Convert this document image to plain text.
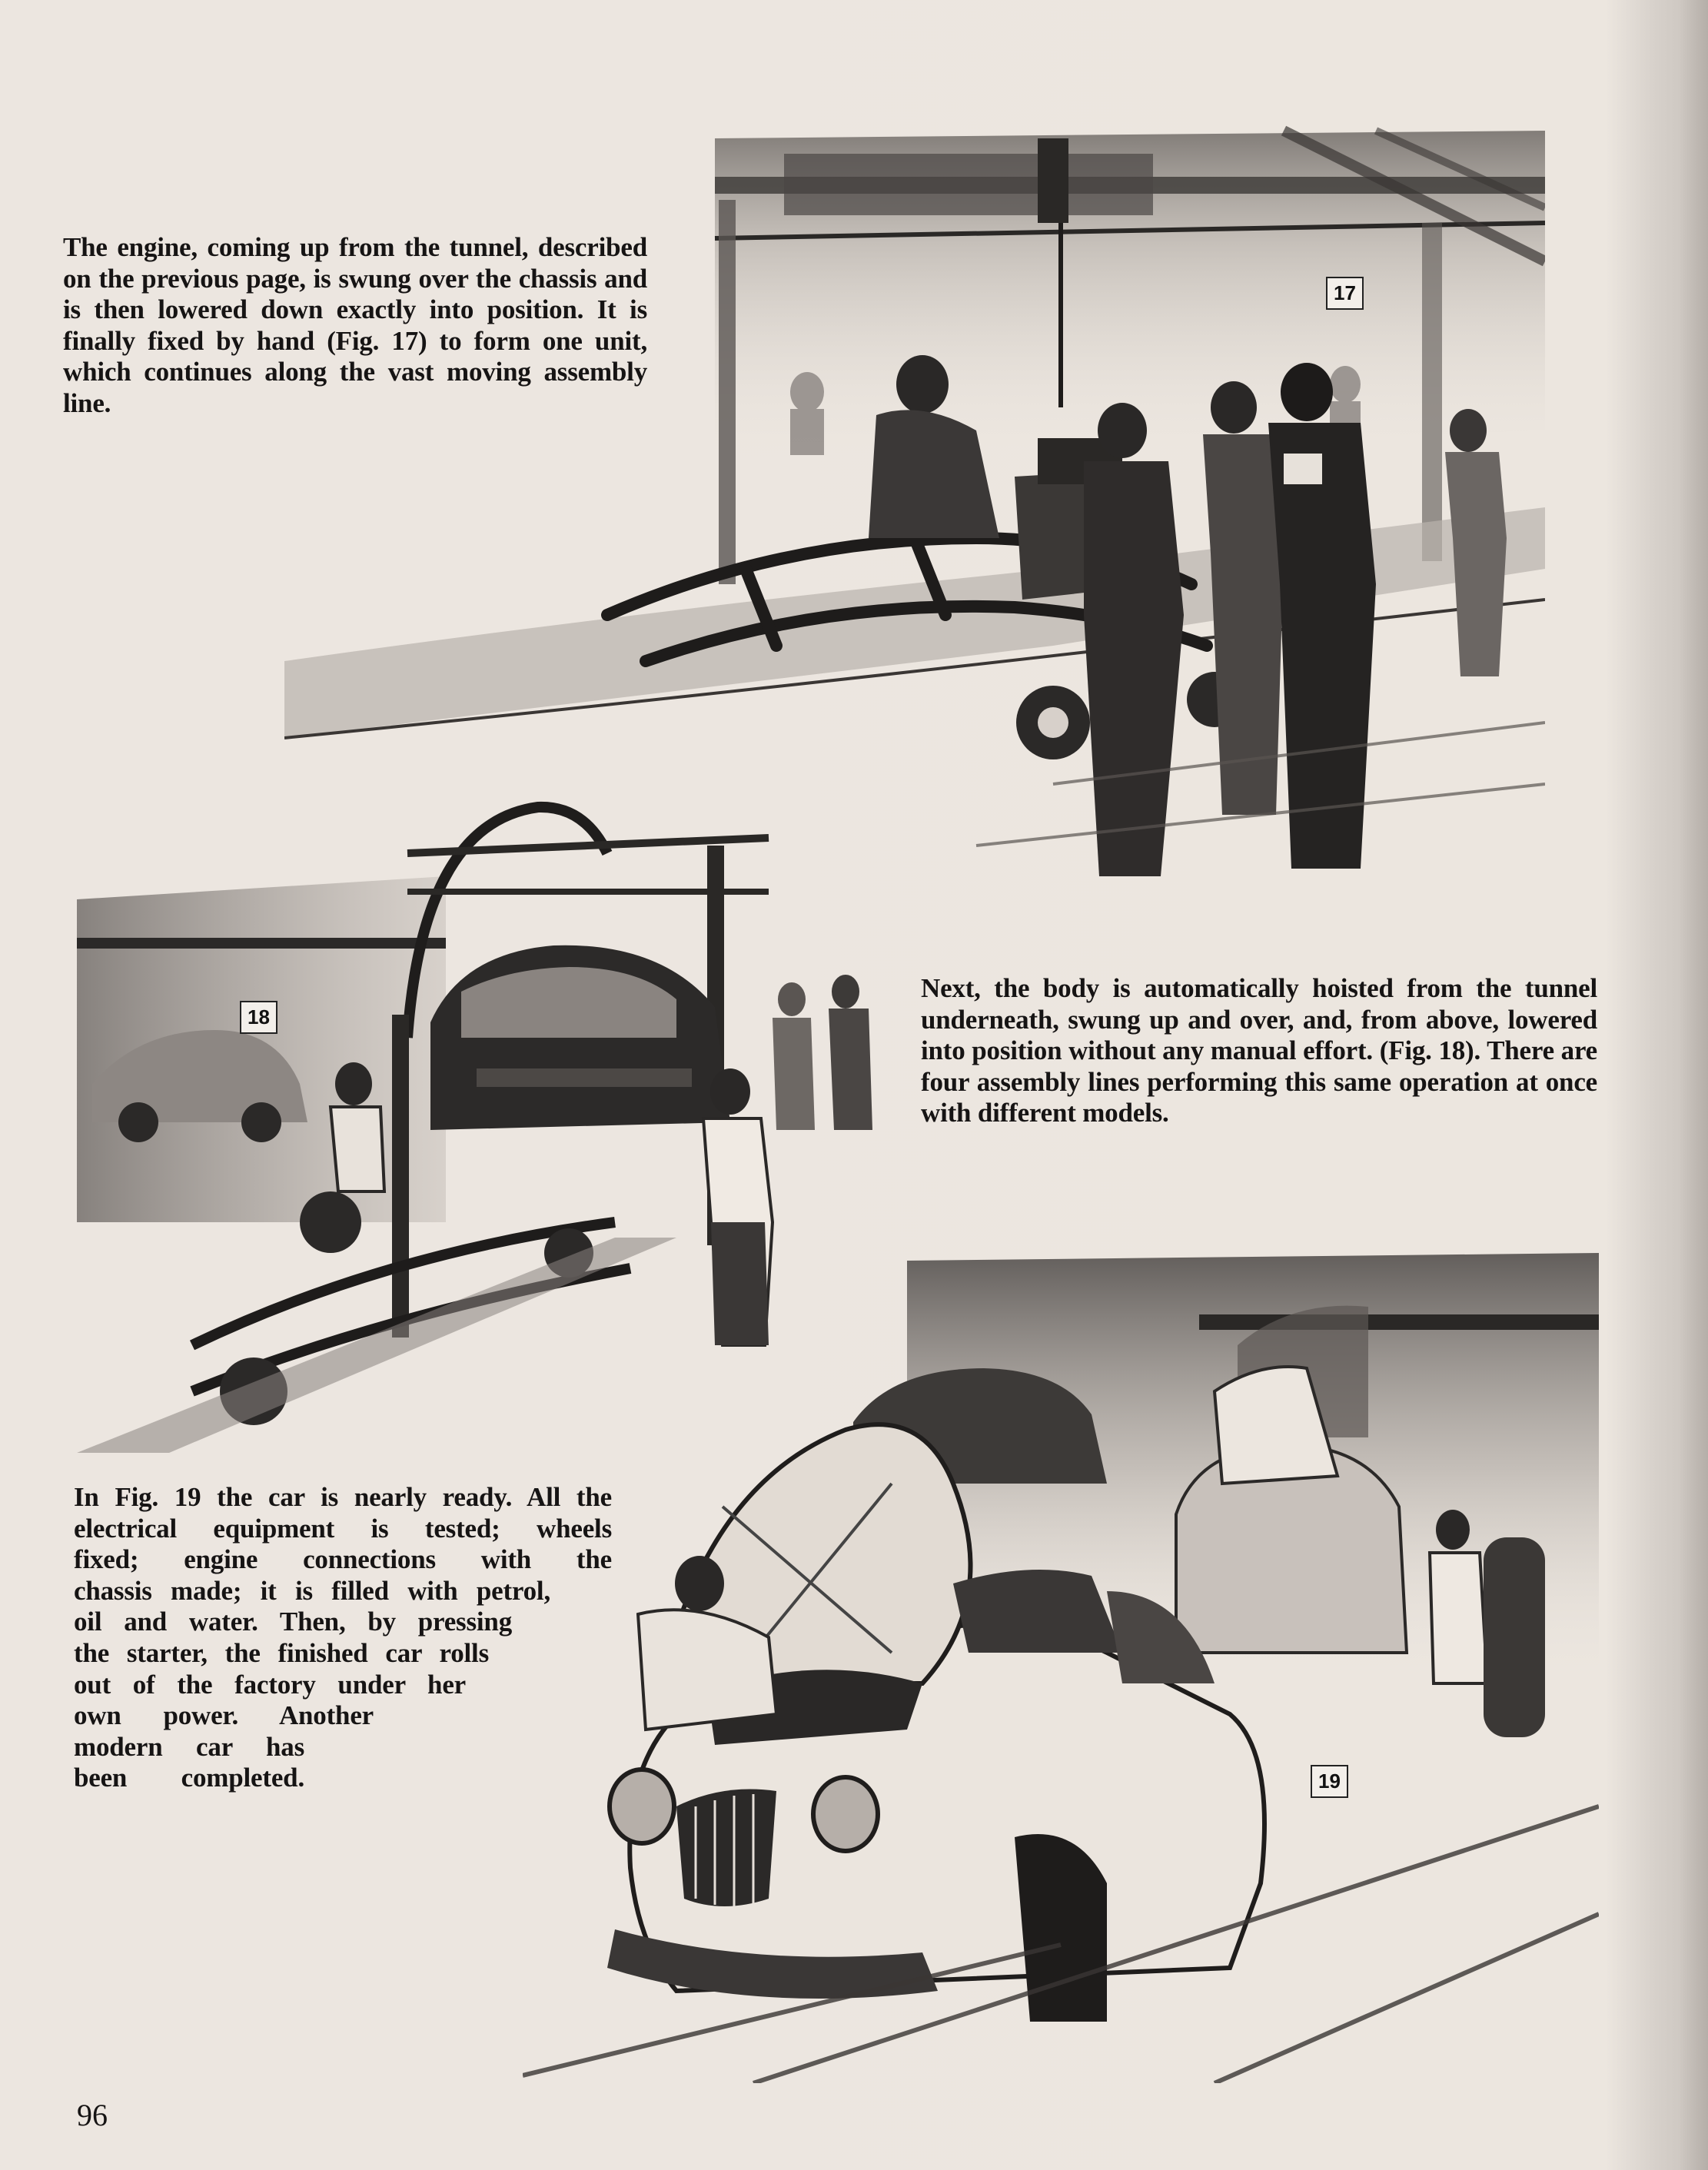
17
18
19

The engine, coming up from the tunnel, described on the previous page, is swung over the chassis and is then lowered down exactly into position. It is finally fixed by hand (Fig. 17) to form one unit, which continues along the vast moving assembly line.

Next, the body is automatically hoisted from the tunnel underneath, swung up and over, and, from above, lowered into position without any manual effort. (Fig. 18). There are four assembly lines performing this same operation at once with different models.

In Fig. 19 the car is nearly ready. All the
electrical equipment is tested; wheels
fixed; engine connections with the
chassis made; it is filled with petrol,
oil and water. Then, by pressing
the starter, the finished car rolls
out of the factory under her
own power. Another
modern car has
been completed.

96
